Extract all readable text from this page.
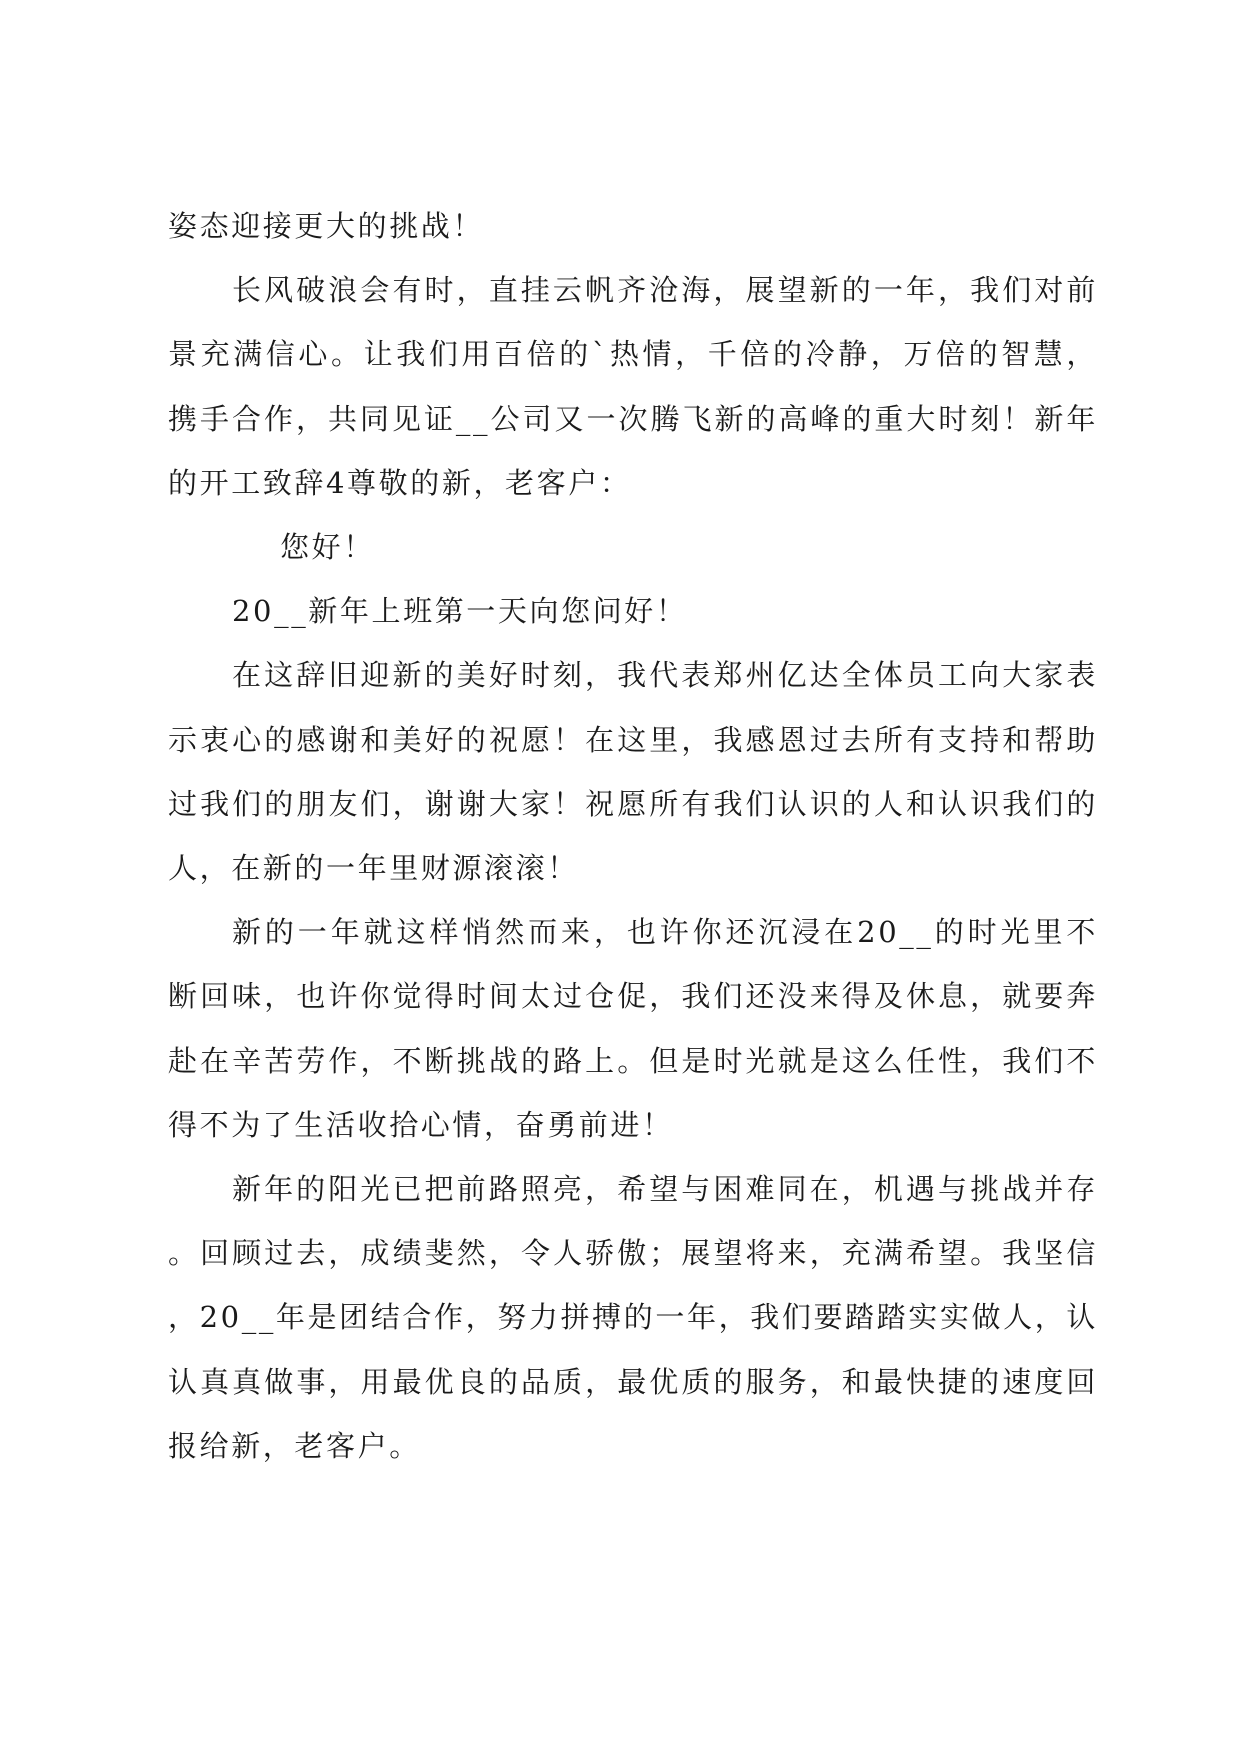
姿态迎接更大的挑战！

长风破浪会有时，直挂云帆齐沧海，展望新的一年，我们对前景充满信心。让我们用百倍的`热情，千倍的冷静，万倍的智慧，携手合作，共同见证__公司又一次腾飞新的高峰的重大时刻！新年的开工致辞4尊敬的新，老客户：

您好！

20__新年上班第一天向您问好！

在这辞旧迎新的美好时刻，我代表郑州亿达全体员工向大家表示衷心的感谢和美好的祝愿！在这里，我感恩过去所有支持和帮助过我们的朋友们，谢谢大家！祝愿所有我们认识的人和认识我们的人，在新的一年里财源滚滚！

新的一年就这样悄然而来，也许你还沉浸在20__的时光里不断回味，也许你觉得时间太过仓促，我们还没来得及休息，就要奔赴在辛苦劳作，不断挑战的路上。但是时光就是这么任性，我们不得不为了生活收拾心情，奋勇前进！

新年的阳光已把前路照亮，希望与困难同在，机遇与挑战并存。回顾过去，成绩斐然，令人骄傲；展望将来，充满希望。我坚信，20__年是团结合作，努力拼搏的一年，我们要踏踏实实做人，认认真真做事，用最优良的品质，最优质的服务，和最快捷的速度回报给新，老客户。
